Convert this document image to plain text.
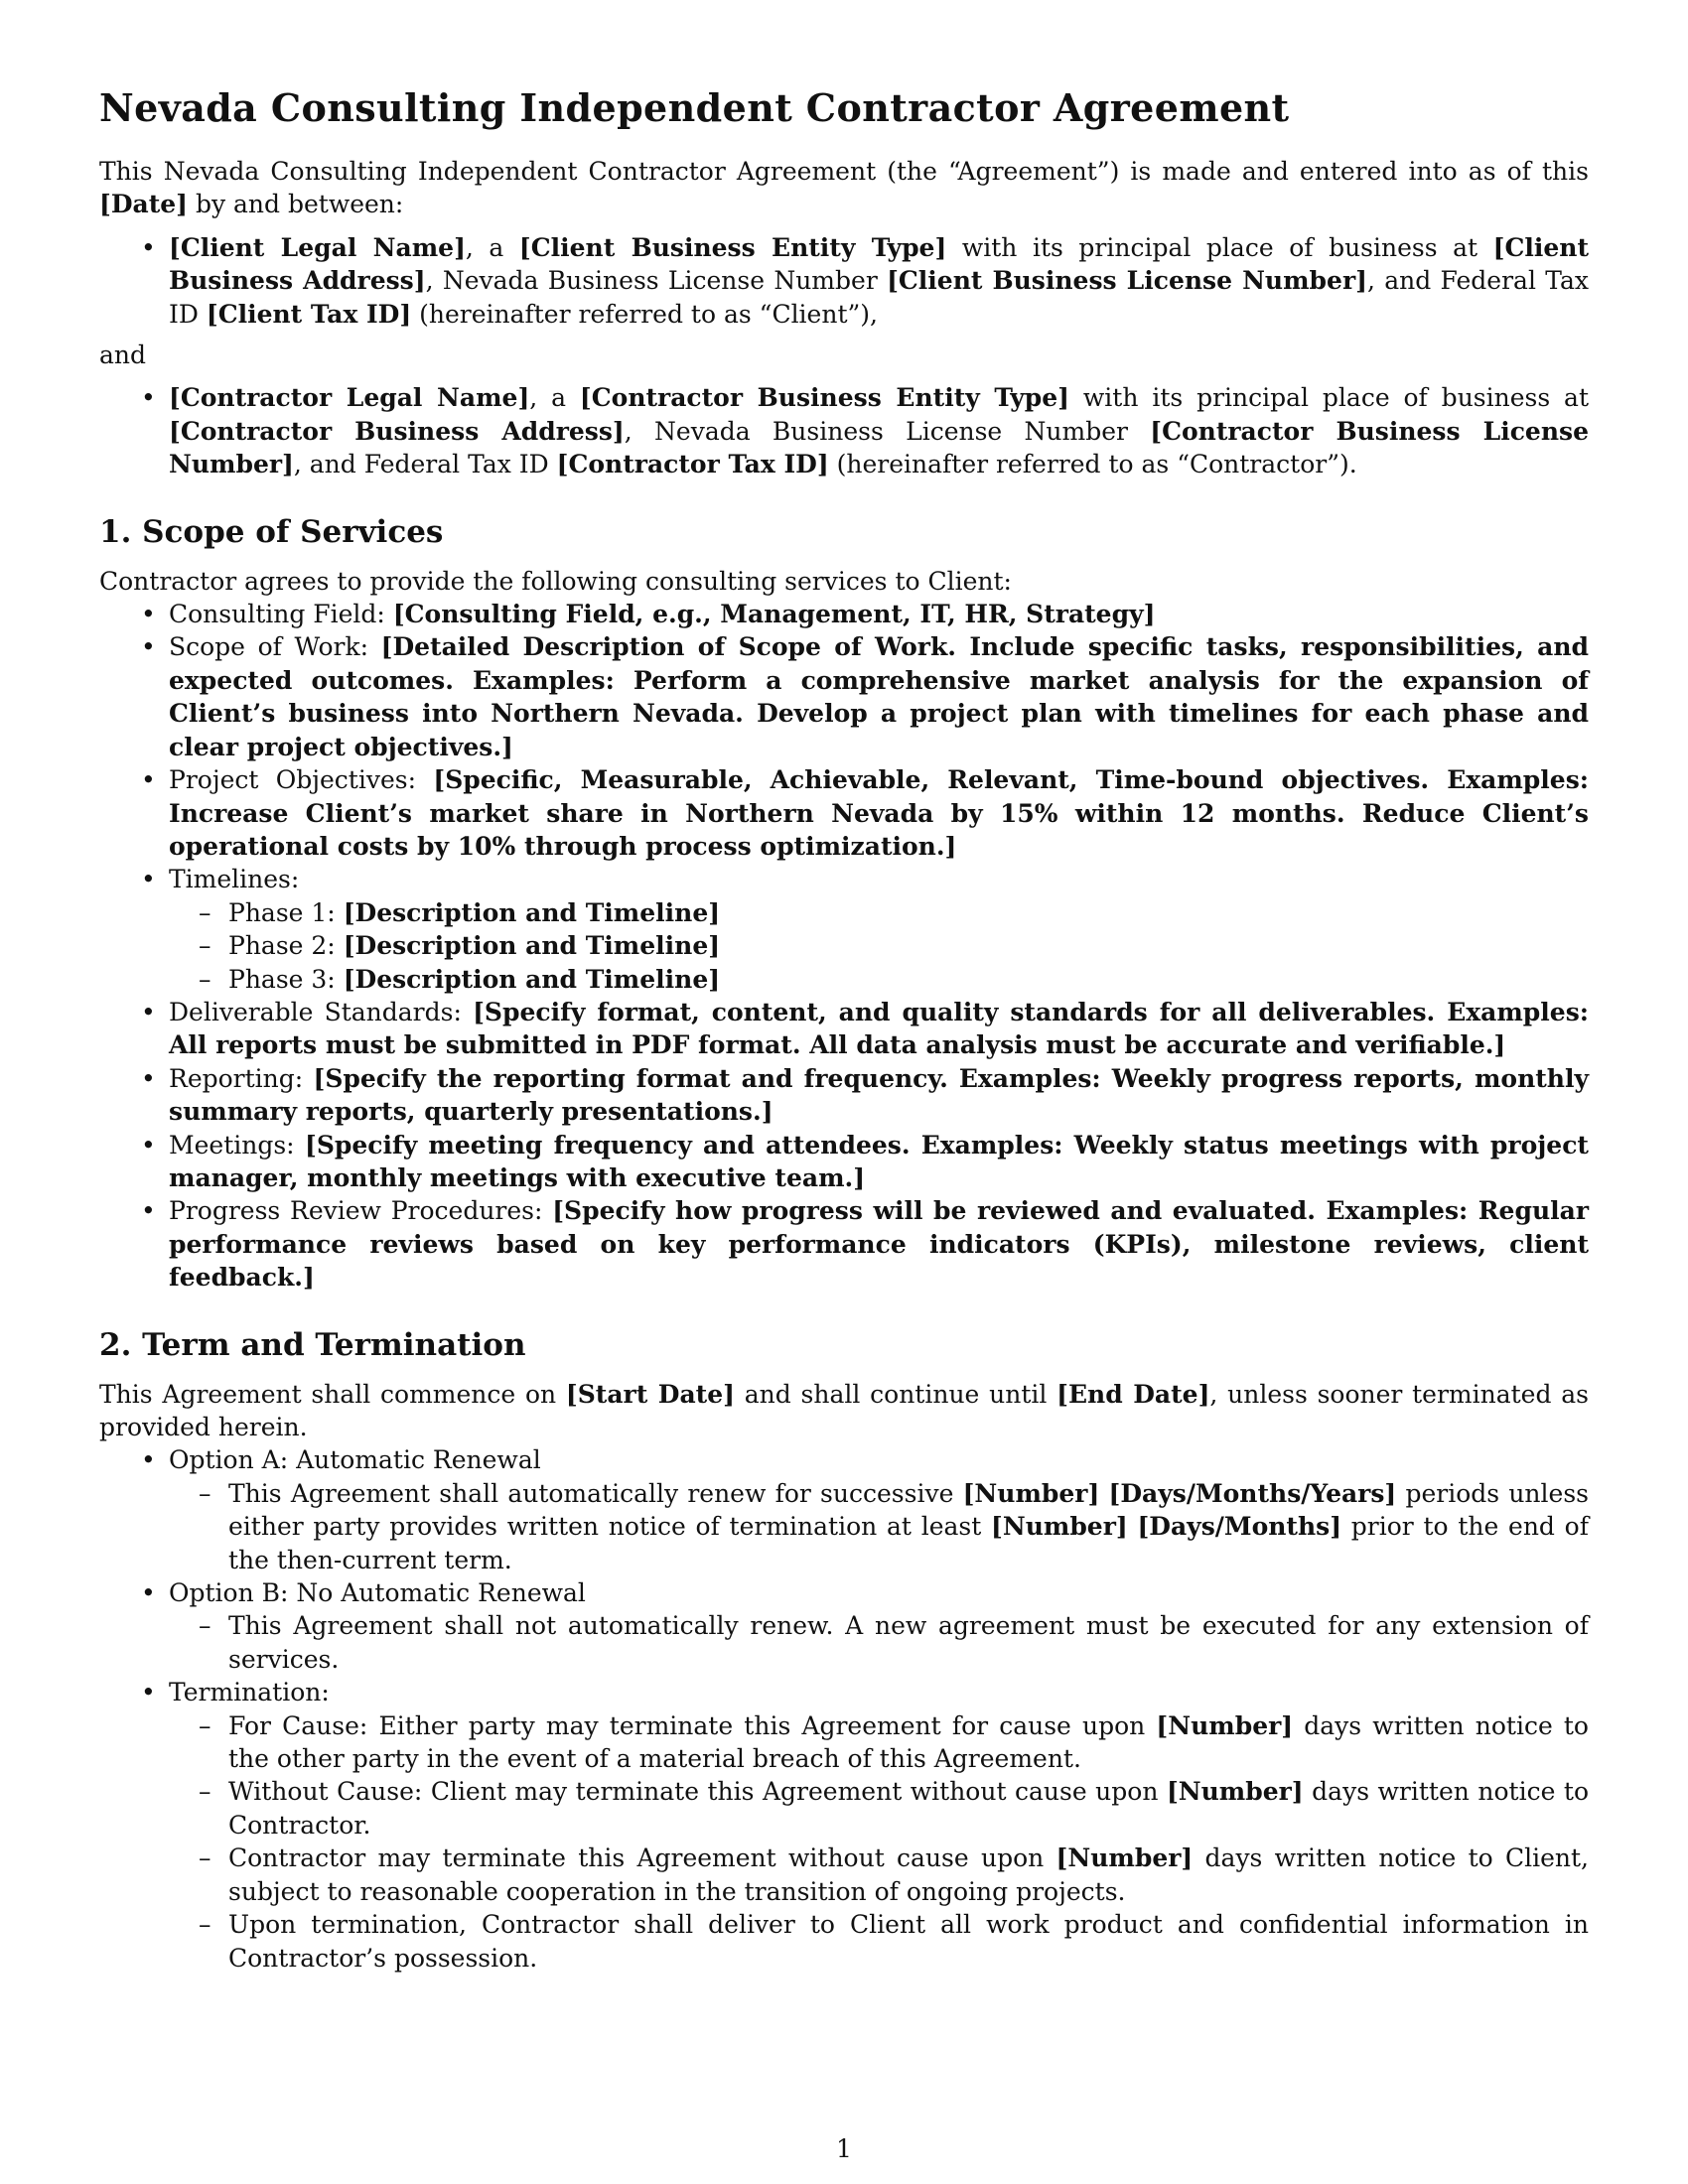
Nevada Consulting Independent Contractor Agreement

This Nevada Consulting Independent Contractor Agreement (the “Agreement”) is made and entered into as of this [Date] by and between:

• [Client Legal Name], a [Client Business Entity Type] with its principal place of business at [Client Business Address], Nevada Business License Number [Client Business License Number], and Federal Tax ID [Client Tax ID] (hereinafter referred to as “Client”),

and

• [Contractor Legal Name], a [Contractor Business Entity Type] with its principal place of business at [Contractor Business Address], Nevada Business License Number [Contractor Business License Number], and Federal Tax ID [Contractor Tax ID] (hereinafter referred to as “Contractor”).
1. Scope of Services

Contractor agrees to provide the following consulting services to Client:

• Consulting Field: [Consulting Field, e.g., Management, IT, HR, Strategy]
• Scope of Work: [Detailed Description of Scope of Work. Include specific tasks, responsibilities, and expected outcomes. Examples: Perform a comprehensive market analysis for the expansion of Client’s business into Northern Nevada. Develop a project plan with timelines for each phase and clear project objectives.]
• Project Objectives: [Specific, Measurable, Achievable, Relevant, Time-bound objectives. Examples: Increase Client’s market share in Northern Nevada by 15% within 12 months. Reduce Client’s operational costs by 10% through process optimization.]
• Timelines:
– Phase 1: [Description and Timeline]
– Phase 2: [Description and Timeline]
– Phase 3: [Description and Timeline]
• Deliverable Standards: [Specify format, content, and quality standards for all deliverables. Examples: All reports must be submitted in PDF format. All data analysis must be accurate and verifiable.]
• Reporting: [Specify the reporting format and frequency. Examples: Weekly progress reports, monthly summary reports, quarterly presentations.]
• Meetings: [Specify meeting frequency and attendees. Examples: Weekly status meetings with project manager, monthly meetings with executive team.]
• Progress Review Procedures: [Specify how progress will be reviewed and evaluated. Examples: Regular performance reviews based on key performance indicators (KPIs), milestone reviews, client feedback.]
2. Term and Termination

This Agreement shall commence on [Start Date] and shall continue until [End Date], unless sooner terminated as provided herein.

• Option A: Automatic Renewal
– This Agreement shall automatically renew for successive [Number] [Days/Months/Years] periods unless either party provides written notice of termination at least [Number] [Days/Months] prior to the end of the then-current term.
• Option B: No Automatic Renewal
– This Agreement shall not automatically renew. A new agreement must be executed for any extension of services.
• Termination:
– For Cause: Either party may terminate this Agreement for cause upon [Number] days written notice to the other party in the event of a material breach of this Agreement.
– Without Cause: Client may terminate this Agreement without cause upon [Number] days written notice to Contractor.
– Contractor may terminate this Agreement without cause upon [Number] days written notice to Client, subject to reasonable cooperation in the transition of ongoing projects.
– Upon termination, Contractor shall deliver to Client all work product and confidential information in Contractor’s possession.
1
